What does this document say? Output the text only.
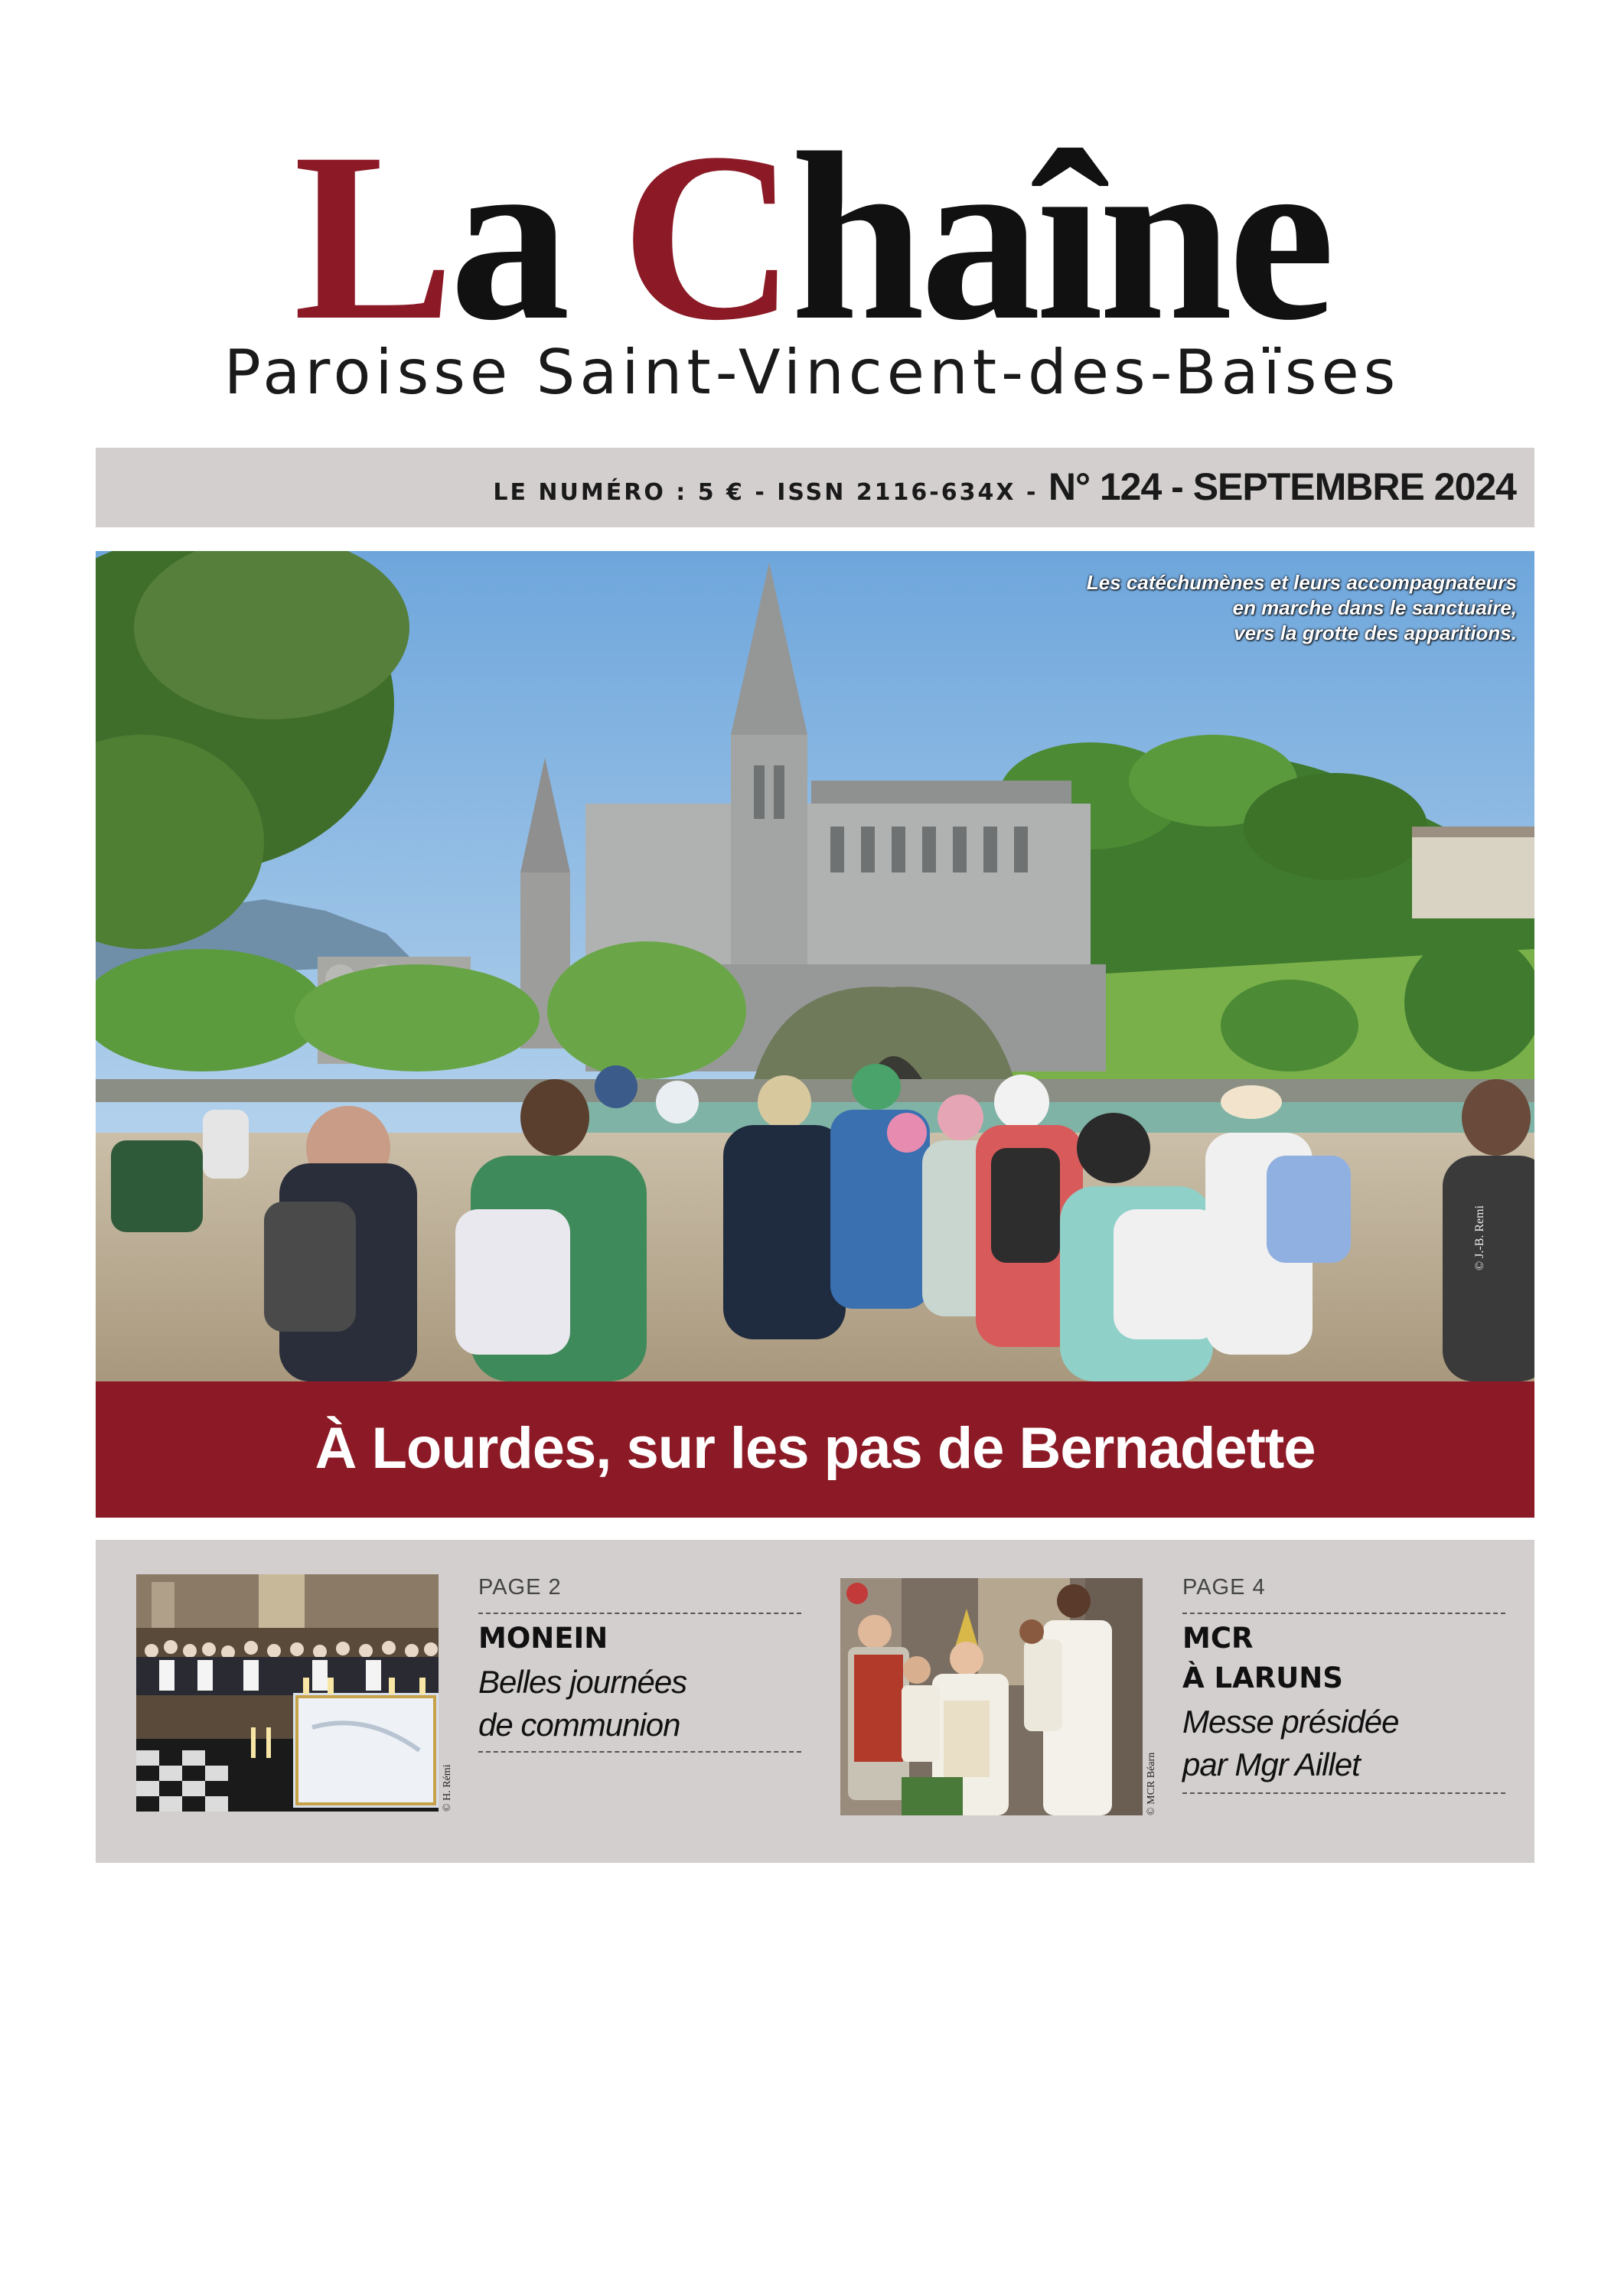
La Chaîne
Paroisse Saint-Vincent-des-Baïses
LE NUMÉRO : 5 € - ISSN 2116-634X - N° 124 - SEPTEMBRE 2024
Les catéchumènes et leurs accompagnateurs
en marche dans le sanctuaire,
vers la grotte des apparitions.
© J.-B. Remi
À Lourdes, sur les pas de Bernadette
© H. Rémi
PAGE 2
MONEIN
Belles journées
de communion
© MCR Béarn
PAGE 4
MCR
À LARUNS
Messe présidée
par Mgr Aillet
